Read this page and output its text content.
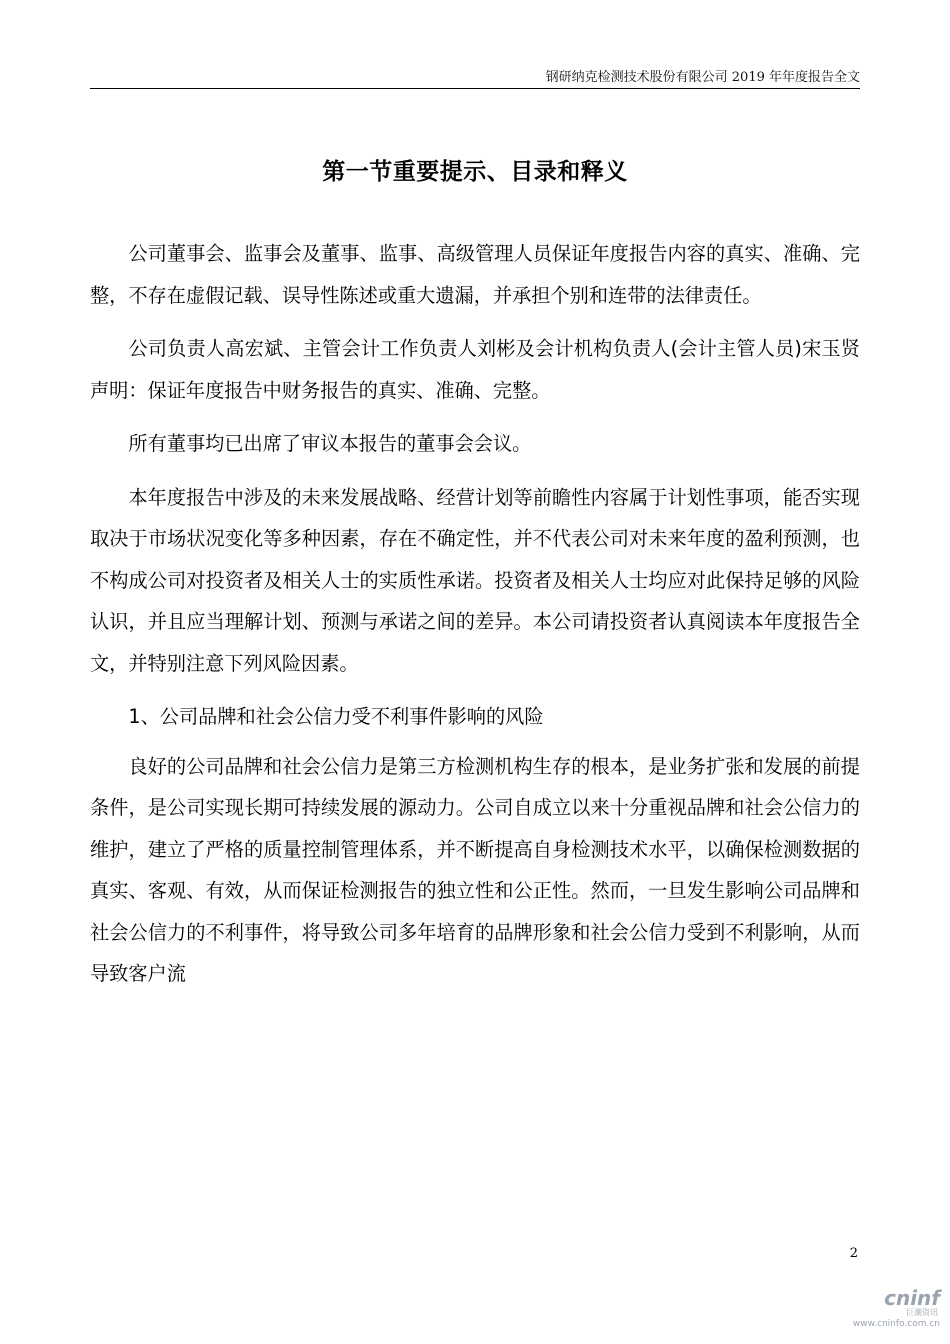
钢研纳克检测技术股份有限公司 2019 年年度报告全文
第一节重要提示、目录和释义

公司董事会、监事会及董事、监事、高级管理人员保证年度报告内容的真实、准确、完整，不存在虚假记载、误导性陈述或重大遗漏，并承担个别和连带的法律责任。

公司负责人高宏斌、主管会计工作负责人刘彬及会计机构负责人(会计主管人员)宋玉贤声明：保证年度报告中财务报告的真实、准确、完整。

所有董事均已出席了审议本报告的董事会会议。

本年度报告中涉及的未来发展战略、经营计划等前瞻性内容属于计划性事项，能否实现取决于市场状况变化等多种因素，存在不确定性，并不代表公司对未来年度的盈利预测，也不构成公司对投资者及相关人士的实质性承诺。投资者及相关人士均应对此保持足够的风险认识，并且应当理解计划、预测与承诺之间的差异。本公司请投资者认真阅读本年度报告全文，并特别注意下列风险因素。

1、公司品牌和社会公信力受不利事件影响的风险

良好的公司品牌和社会公信力是第三方检测机构生存的根本，是业务扩张和发展的前提条件，是公司实现长期可持续发展的源动力。公司自成立以来十分重视品牌和社会公信力的维护，建立了严格的质量控制管理体系，并不断提高自身检测技术水平，以确保检测数据的真实、客观、有效，从而保证检测报告的独立性和公正性。然而，一旦发生影响公司品牌和社会公信力的不利事件，将导致公司多年培育的品牌形象和社会公信力受到不利影响，从而导致客户流

2
cninf
巨潮资讯
www.cninfo.com.cn
